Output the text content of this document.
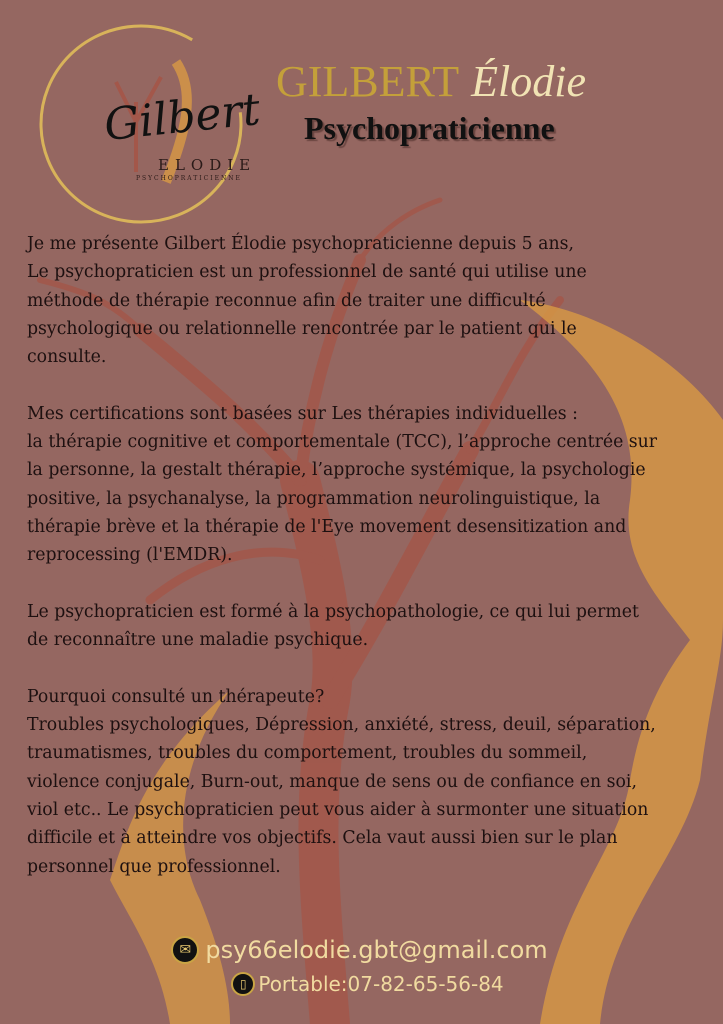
Gilbert
ELODIE
PSYCHOPRATICIENNE
GILBERT Élodie
Psychopraticienne

Je me présente Gilbert Élodie psychopraticienne depuis 5 ans,
Le psychopraticien est un professionnel de santé qui utilise une
méthode de thérapie reconnue afin de traiter une difficulté
psychologique ou relationnelle rencontrée par le patient qui le
consulte.

Mes certifications sont basées sur Les thérapies individuelles :
la thérapie cognitive et comportementale (TCC), l’approche centrée sur
la personne, la gestalt thérapie, l’approche systémique, la psychologie
positive, la psychanalyse, la programmation neurolinguistique, la
thérapie brève et la thérapie de l'Eye movement desensitization and
reprocessing (l'EMDR).

Le psychopraticien est formé à la psychopathologie, ce qui lui permet
de reconnaître une maladie psychique.

Pourquoi consulté un thérapeute?
Troubles psychologiques, Dépression, anxiété, stress, deuil, séparation,
traumatismes, troubles du comportement, troubles du sommeil,
violence conjugale, Burn-out, manque de sens ou de confiance en soi,
viol etc.. Le psychopraticien peut vous aider à surmonter une situation
difficile et à atteindre vos objectifs. Cela vaut aussi bien sur le plan
personnel que professionnel.

✉ psy66elodie.gbt@gmail.com
▯ Portable:07-82-65-56-84
